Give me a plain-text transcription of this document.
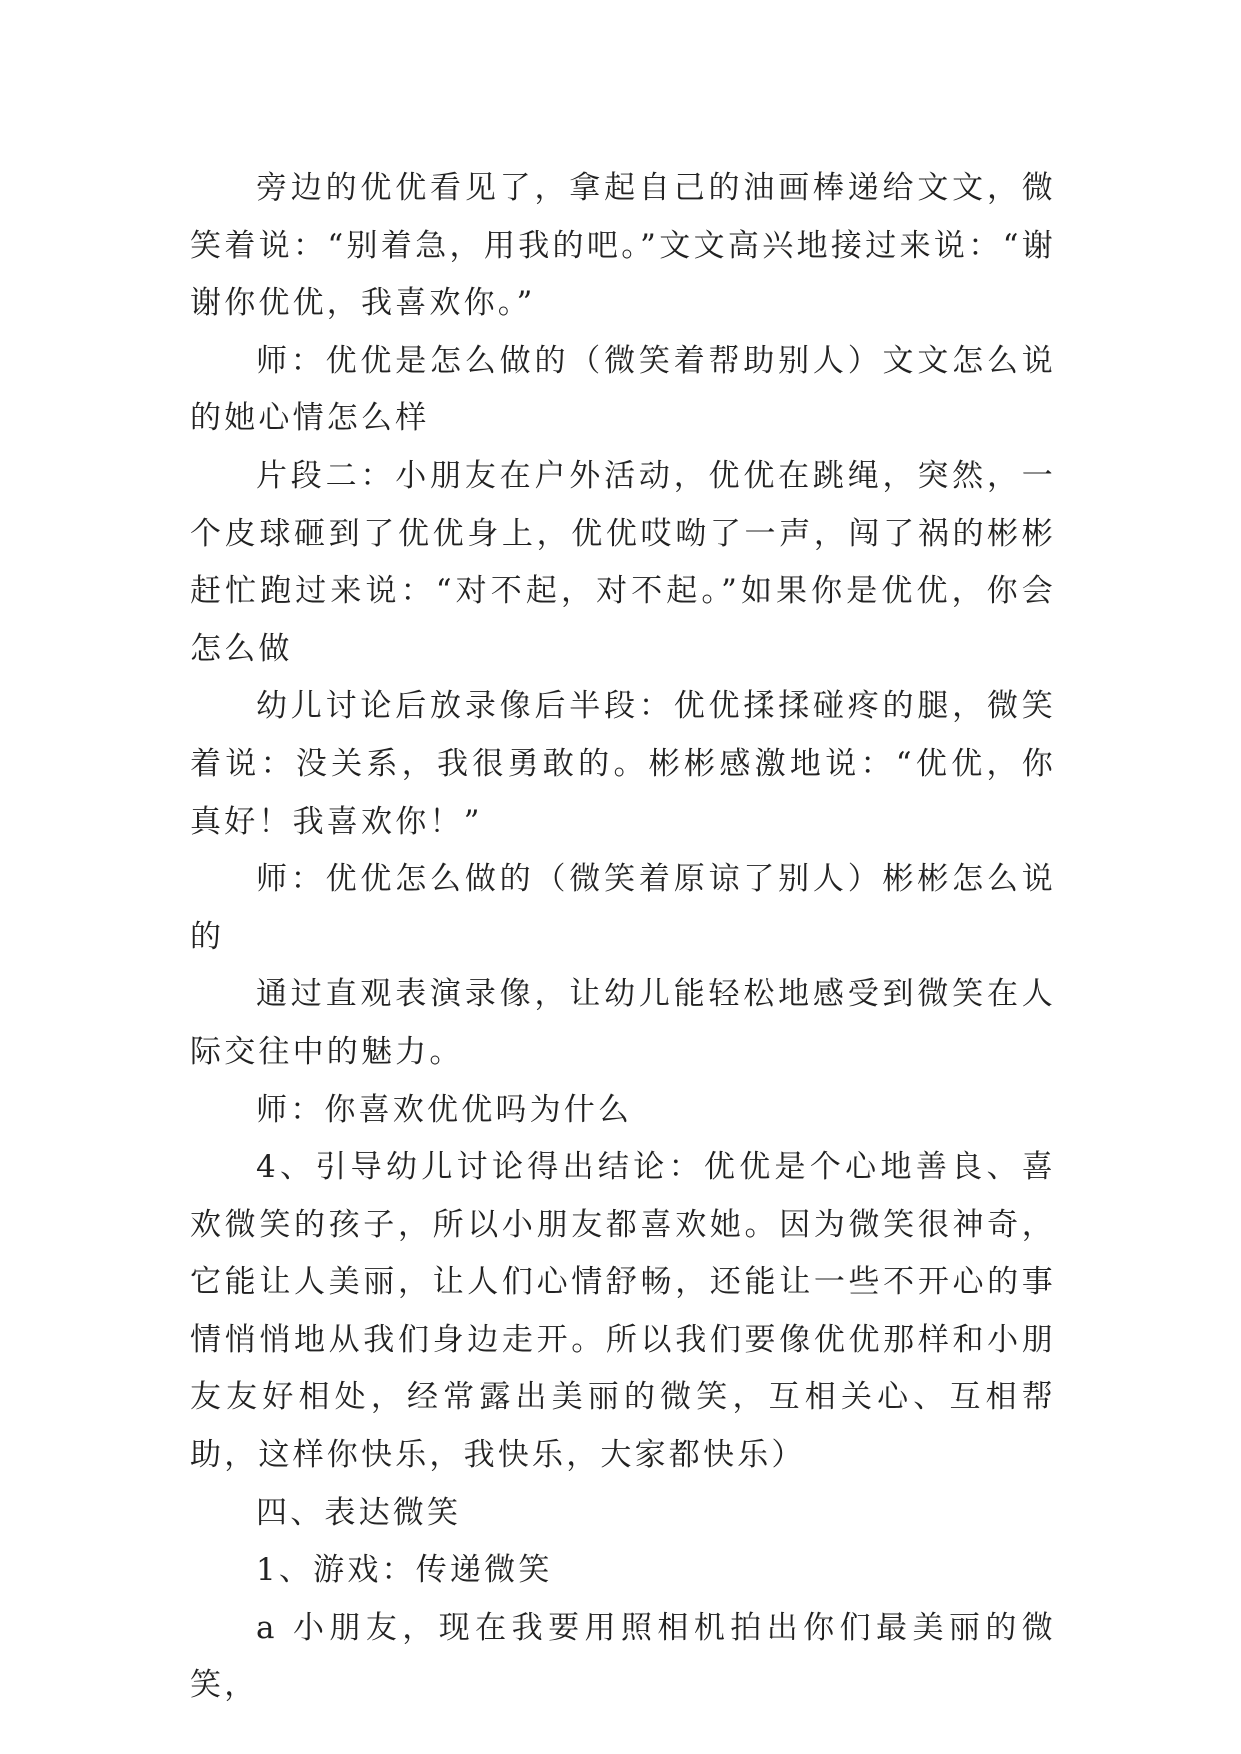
旁边的优优看见了，拿起自己的油画棒递给文文，微笑着说：“别着急，用我的吧。”文文高兴地接过来说：“谢谢你优优，我喜欢你。”

师：优优是怎么做的（微笑着帮助别人）文文怎么说的她心情怎么样

片段二：小朋友在户外活动，优优在跳绳，突然，一个皮球砸到了优优身上，优优哎呦了一声，闯了祸的彬彬赶忙跑过来说：“对不起，对不起。”如果你是优优，你会怎么做

幼儿讨论后放录像后半段：优优揉揉碰疼的腿，微笑着说：没关系，我很勇敢的。彬彬感激地说：“优优，你真好！我喜欢你！”

师：优优怎么做的（微笑着原谅了别人）彬彬怎么说的

通过直观表演录像，让幼儿能轻松地感受到微笑在人际交往中的魅力。

师：你喜欢优优吗为什么

4、引导幼儿讨论得出结论：优优是个心地善良、喜欢微笑的孩子，所以小朋友都喜欢她。因为微笑很神奇，它能让人美丽，让人们心情舒畅，还能让一些不开心的事情悄悄地从我们身边走开。所以我们要像优优那样和小朋友友好相处，经常露出美丽的微笑，互相关心、互相帮助，这样你快乐，我快乐，大家都快乐）

四、表达微笑

1、游戏：传递微笑

a 小朋友，现在我要用照相机拍出你们最美丽的微笑，
